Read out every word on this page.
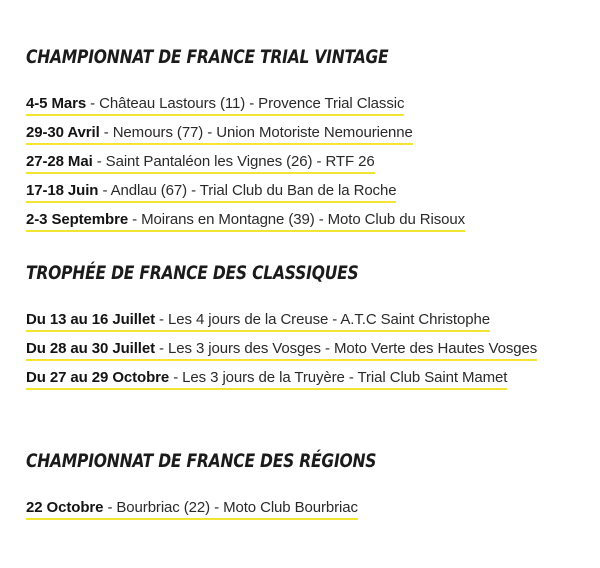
CHAMPIONNAT DE FRANCE TRIAL VINTAGE
4-5 Mars - Château Lastours (11) - Provence Trial Classic
29-30 Avril - Nemours (77) - Union Motoriste Nemourienne
27-28 Mai - Saint Pantaléon les Vignes (26) - RTF 26
17-18 Juin - Andlau (67) - Trial Club du Ban de la Roche
2-3 Septembre - Moirans en Montagne (39) - Moto Club du Risoux
TROPHÉE DE FRANCE DES CLASSIQUES
Du 13 au 16 Juillet - Les 4 jours de la Creuse - A.T.C Saint Christophe
Du 28 au 30 Juillet - Les 3 jours des Vosges - Moto Verte des Hautes Vosges
Du 27 au 29 Octobre - Les 3 jours de la Truyère - Trial Club Saint Mamet
CHAMPIONNAT DE FRANCE DES RÉGIONS
22 Octobre - Bourbriac (22) - Moto Club Bourbriac
